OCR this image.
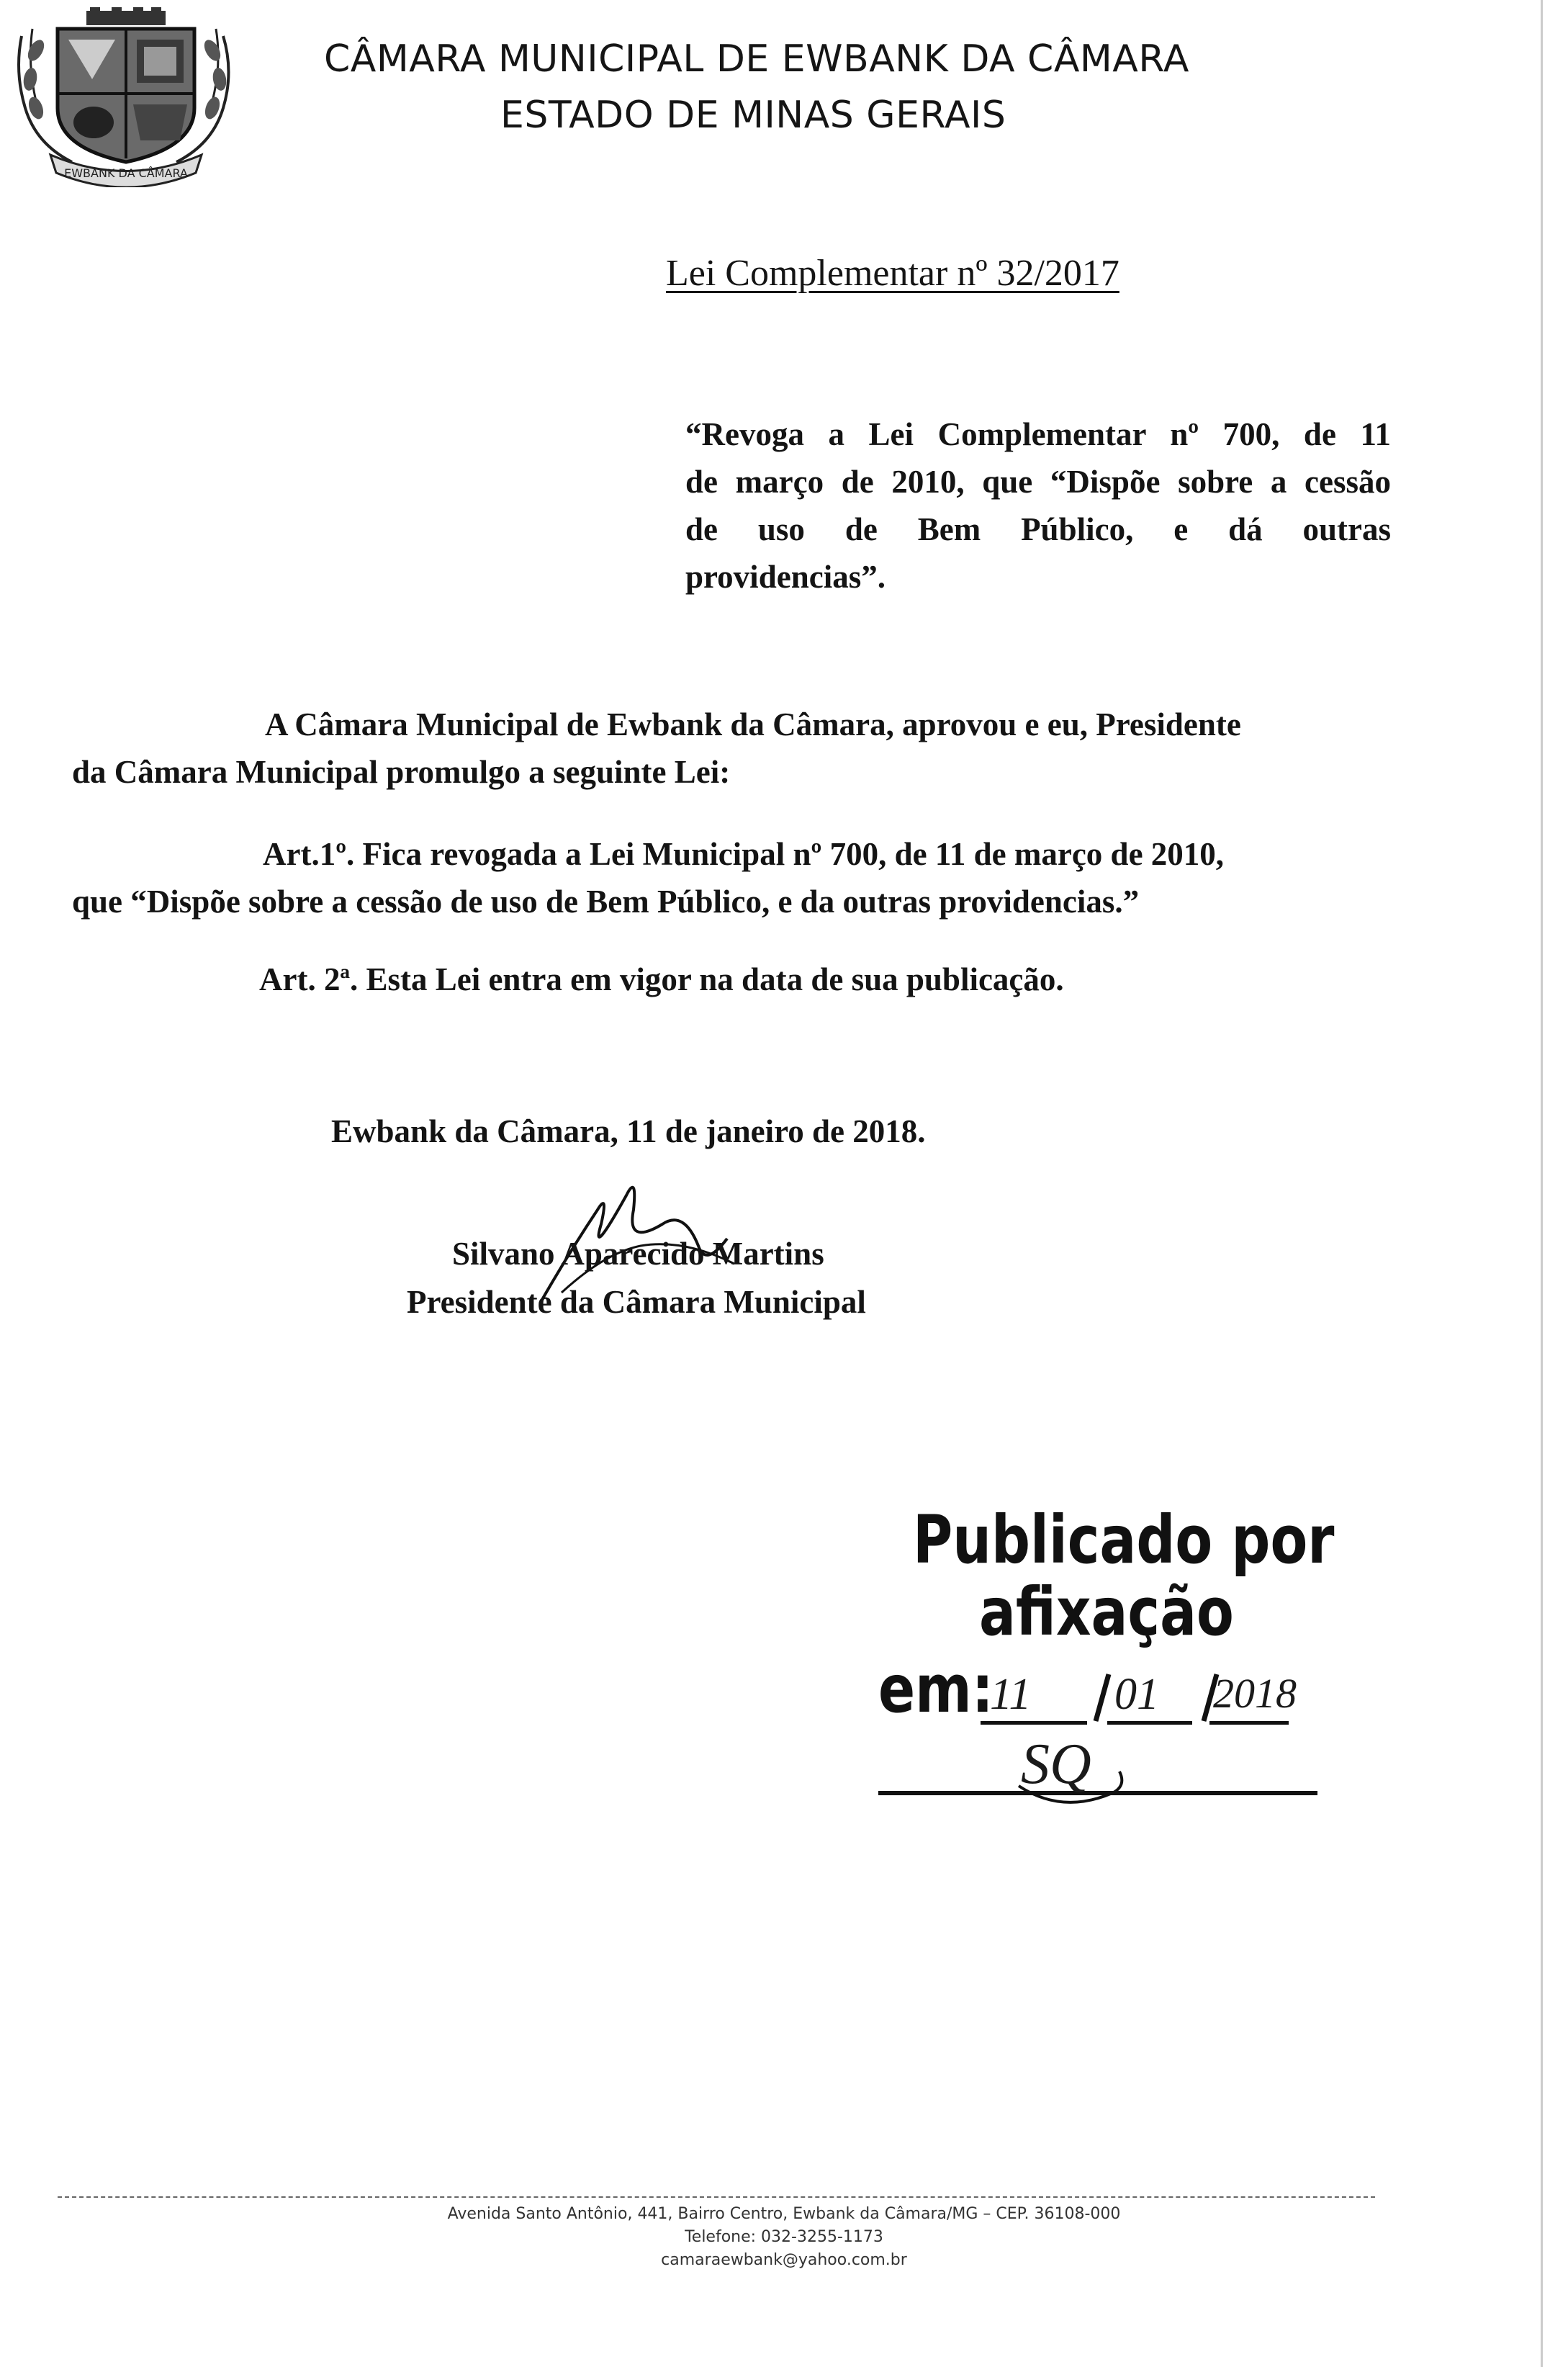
EWBANK DA CÂMARA
CÂMARA MUNICIPAL DE EWBANK DA CÂMARA
ESTADO DE MINAS GERAIS
Lei Complementar nº 32/2017
“Revoga a Lei Complementar nº 700, de 11
de março de 2010, que “Dispõe sobre a cessão
de uso de Bem Público, e dá outras
providencias”.
A Câmara Municipal de Ewbank da Câmara, aprovou e eu, Presidente
da Câmara Municipal promulgo a seguinte Lei:
Art.1º. Fica revogada a Lei Municipal nº 700, de 11 de março de 2010,
que “Dispõe sobre a cessão de uso de Bem Público, e da outras providencias.”
Art. 2ª. Esta Lei entra em vigor na data de sua publicação.
Ewbank da Câmara, 11 de janeiro de 2018.
Silvano Aparecido Martins
Presidente da Câmara Municipal
Publicado por
afixação
em:
11 01 2018
SQ
Avenida Santo Antônio, 441, Bairro Centro, Ewbank da Câmara/MG – CEP. 36108-000
Telefone: 032-3255-1173
camaraewbank@yahoo.com.br
